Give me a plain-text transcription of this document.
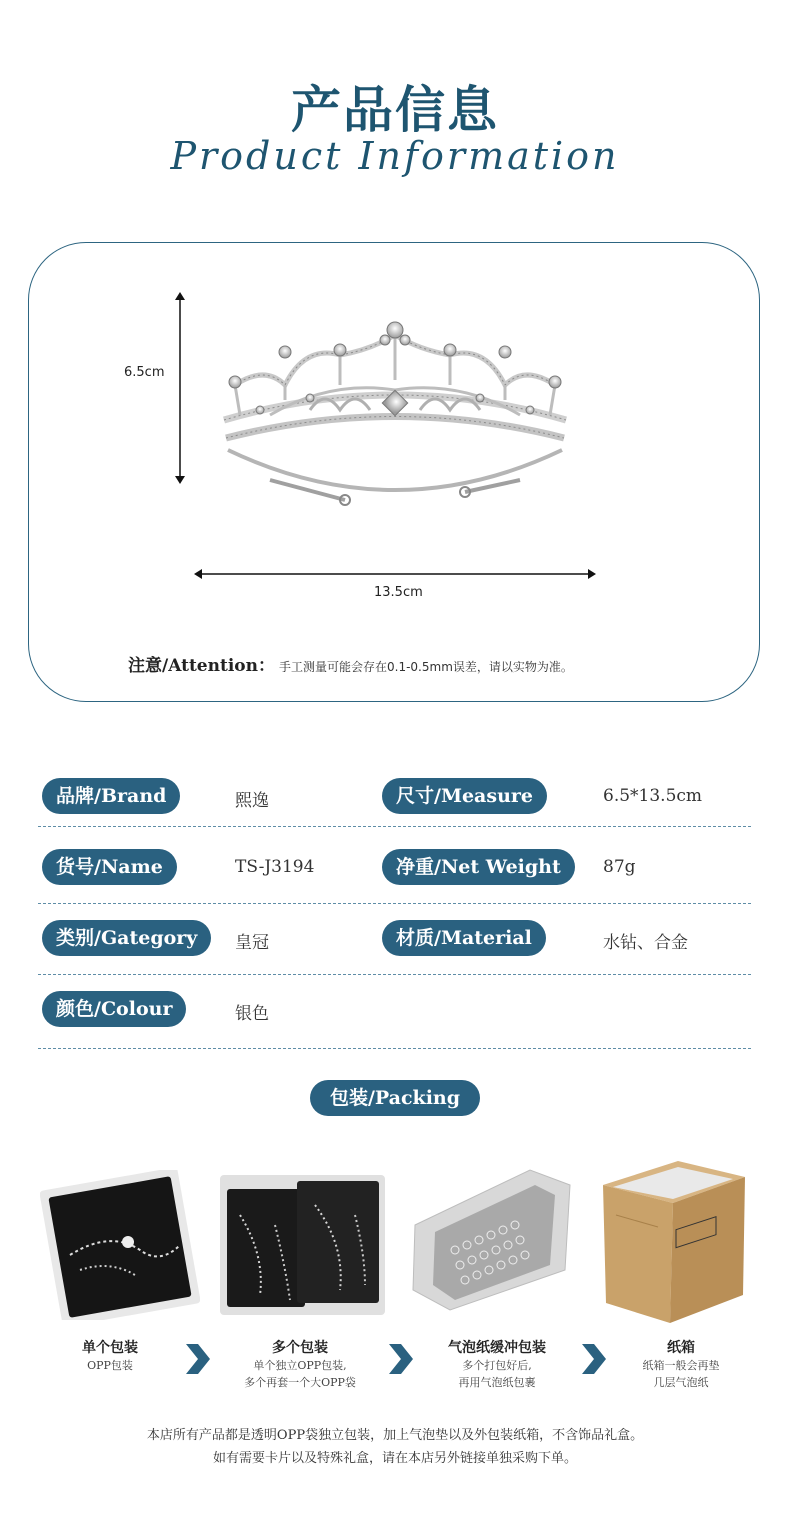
产品信息
Product Information
6.5cm
13.5cm
注意/Attention： 手工测量可能会存在0.1-0.5mm误差，请以实物为准。
品牌/Brand	熙逸	尺寸/Measure	6.5*13.5cm
货号/Name	TS-J3194	净重/Net Weight	87g
类别/Gategory	皇冠	材质/Material	水钻、合金
颜色/Colour	银色
包装/Packing
单个包装
OPP包装
多个包装
单个独立OPP包装,
多个再套一个大OPP袋
气泡纸缓冲包装
多个打包好后,
再用气泡纸包裹
纸箱
纸箱一般会再垫
几层气泡纸
本店所有产品都是透明OPP袋独立包装，加上气泡垫以及外包装纸箱，不含饰品礼盒。
如有需要卡片以及特殊礼盒，请在本店另外链接单独采购下单。
